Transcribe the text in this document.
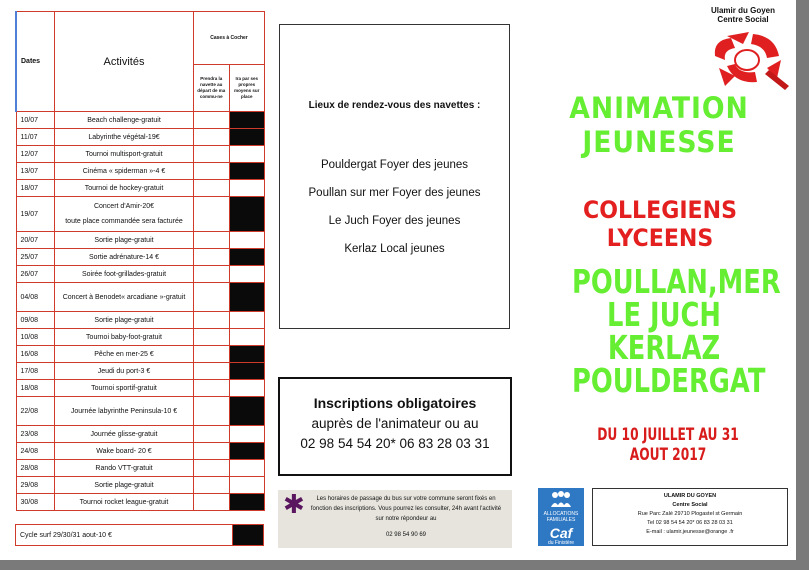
Dates	Activités	Cases à Cocher	
		Prendra la navette au départ de ma commu-ne	Ira par ses propres moyens sur place
10/07	Beach challenge-gratuit		

11/07	Labyrinthe végétal-19€		

12/07	Tournoi multisport-gratuit		

13/07	Cinéma « spiderman »-4 €		

18/07	Tournoi de hockey-gratuit		

19/07	Concert d'Amir-20€
toute place commandée sera facturée		

20/07	Sortie plage-gratuit		

25/07	Sortie adrénature-14 €		

26/07	Soirée foot-grillades-gratuit		

04/08	Concert à Benodet« arcadiane »-gratuit		

09/08	Sortie plage-gratuit		

10/08	Tournoi baby-foot-gratuit		

16/08	Pêche en mer-25 €		

17/08	Jeudi du port-3 €		

18/08	Tournoi sportif-gratuit		

22/08	Journée labyrinthe Peninsula-10 €		

23/08	Journée glisse-gratuit		

24/08	Wake board- 20 €		

28/08	Rando VTT-gratuit		

29/08	Sortie plage-gratuit		

30/08	Tournoi rocket league-gratuit		

Cycle surf 29/30/31 aout-10 €
Lieux de rendez-vous des navettes :
Pouldergat Foyer des jeunes
Poullan sur mer Foyer des jeunes
Le Juch Foyer des jeunes
Kerlaz Local jeunes
Inscriptions obligatoires
auprès de l'animateur ou au
02 98 54 54 20* 06 83 28 03 31
✱	Les horaires de passage du bus sur votre commune seront fixés en fonction des inscriptions. Vous pourrez les consulter, 24h avant l'activité sur notre répondeur au
02 98 54 90 69
Ulamir du Goyen
Centre Social
ANIMATION
JEUNESSE
COLLEGIENS
LYCEENS
POULLAN,MER
LE JUCH
KERLAZ
POULDERGAT
DU 10 JUILLET AU 31 AOUT 2017
ALLOCATIONS
FAMILIALES
Caf
du Finistère
ULAMIR DU GOYEN
Centre Social
Rue Parc Zalé 29710 Plogastel st Germain
Tel 02 98 54 54 20* 06 83 28 03 31
E-mail : ulamir.jeunesse@orange .fr
